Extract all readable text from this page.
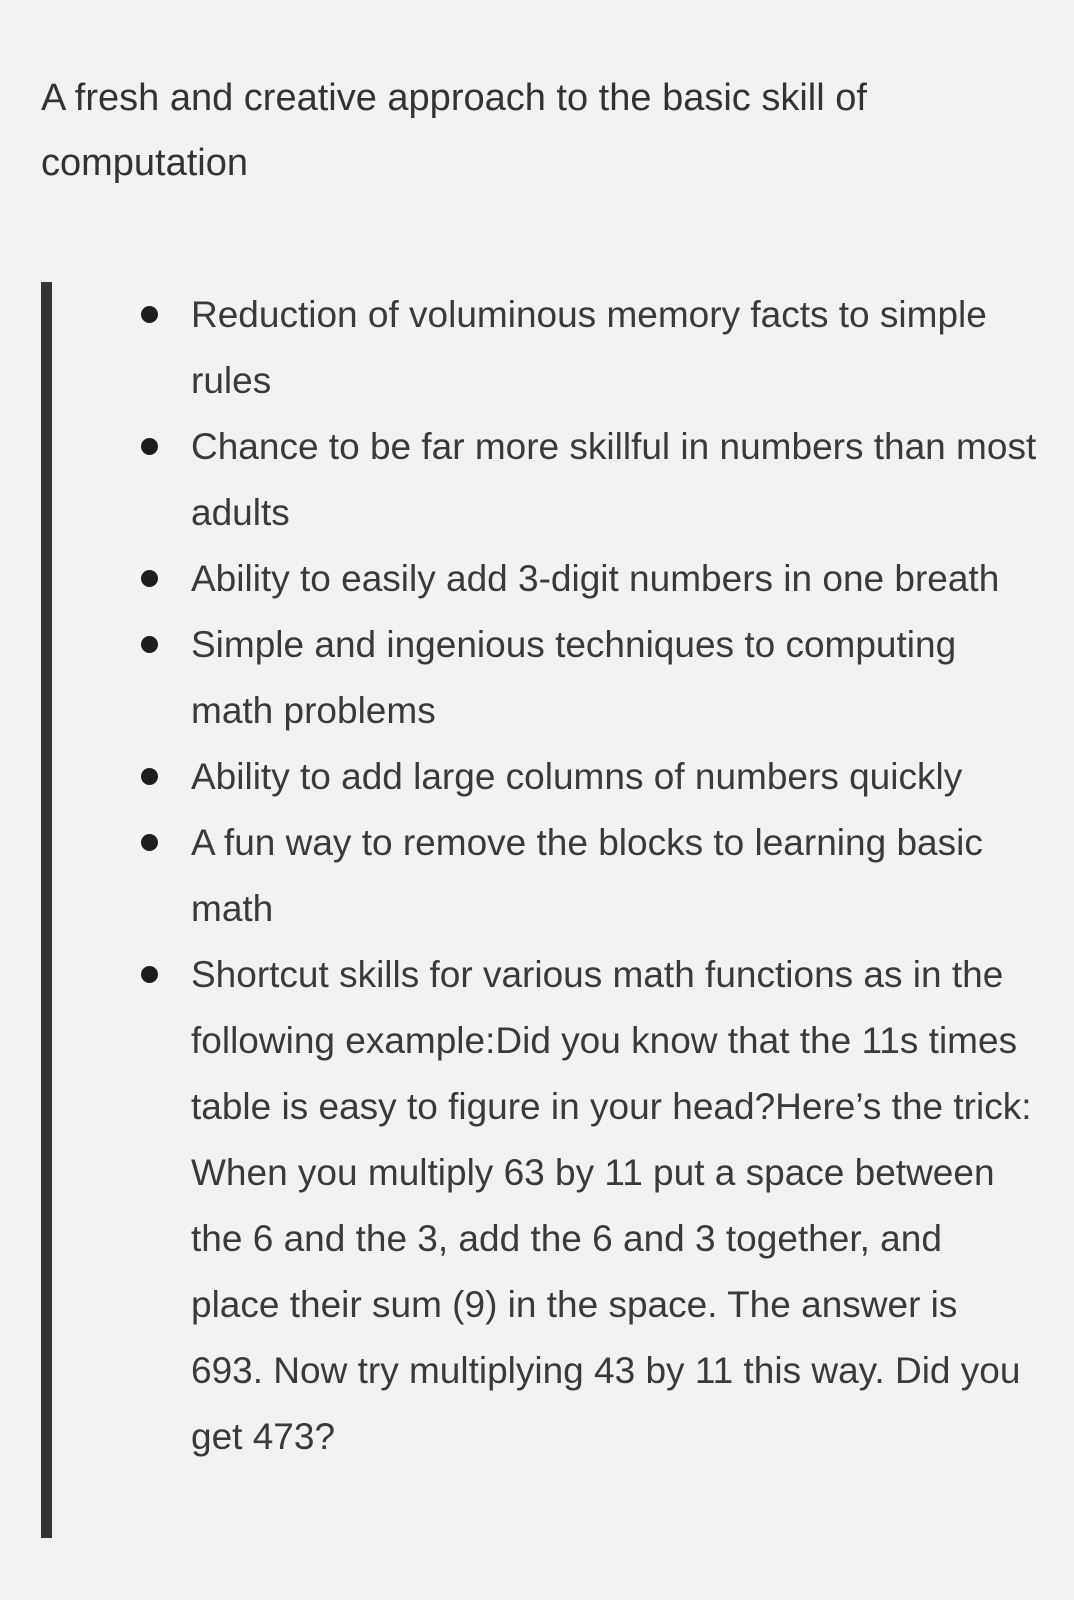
A fresh and creative approach to the basic skill of computation
Reduction of voluminous memory facts to simple rules
Chance to be far more skillful in numbers than most adults
Ability to easily add 3-digit numbers in one breath
Simple and ingenious techniques to computing math problems
Ability to add large columns of numbers quickly
A fun way to remove the blocks to learning basic math
Shortcut skills for various math functions as in the following example:Did you know that the 11s times table is easy to figure in your head?Here’s the trick: When you multiply 63 by 11 put a space between the 6 and the 3, add the 6 and 3 together, and place their sum (9) in the space. The answer is 693. Now try multiplying 43 by 11 this way. Did you get 473?
